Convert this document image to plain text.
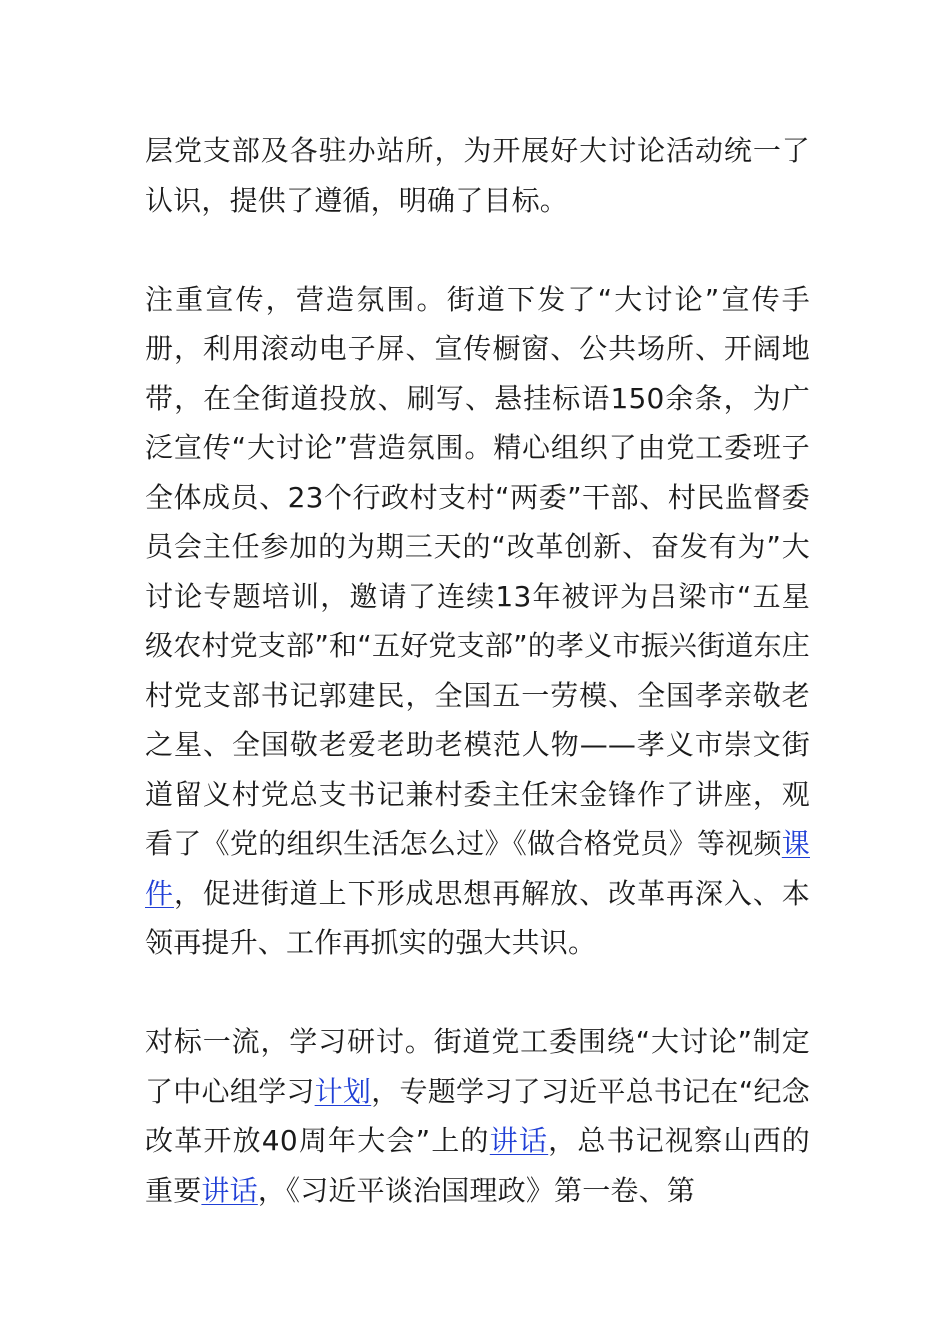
层党支部及各驻办站所，为开展好大讨论活动统一了认识，提供了遵循，明确了目标。

注重宣传，营造氛围。街道下发了“大讨论”宣传手册，利用滚动电子屏、宣传橱窗、公共场所、开阔地带，在全街道投放、刷写、悬挂标语150余条，为广泛宣传“大讨论”营造氛围。精心组织了由党工委班子全体成员、23个行政村支村“两委”干部、村民监督委员会主任参加的为期三天的“改革创新、奋发有为”大讨论专题培训，邀请了连续13年被评为吕梁市“五星级农村党支部”和“五好党支部”的孝义市振兴街道东庄村党支部书记郭建民，全国五一劳模、全国孝亲敬老之星、全国敬老爱老助老模范人物——孝义市崇文街道留义村党总支书记兼村委主任宋金锋作了讲座，观看了《党的组织生活怎么过》《做合格党员》等视频课件，促进街道上下形成思想再解放、改革再深入、本领再提升、工作再抓实的强大共识。

对标一流，学习研讨。街道党工委围绕“大讨论”制定了中心组学习计划，专题学习了习近平总书记在“纪念改革开放40周年大会”上的讲话，总书记视察山西的重要讲话，《习近平谈治国理政》第一卷、第
